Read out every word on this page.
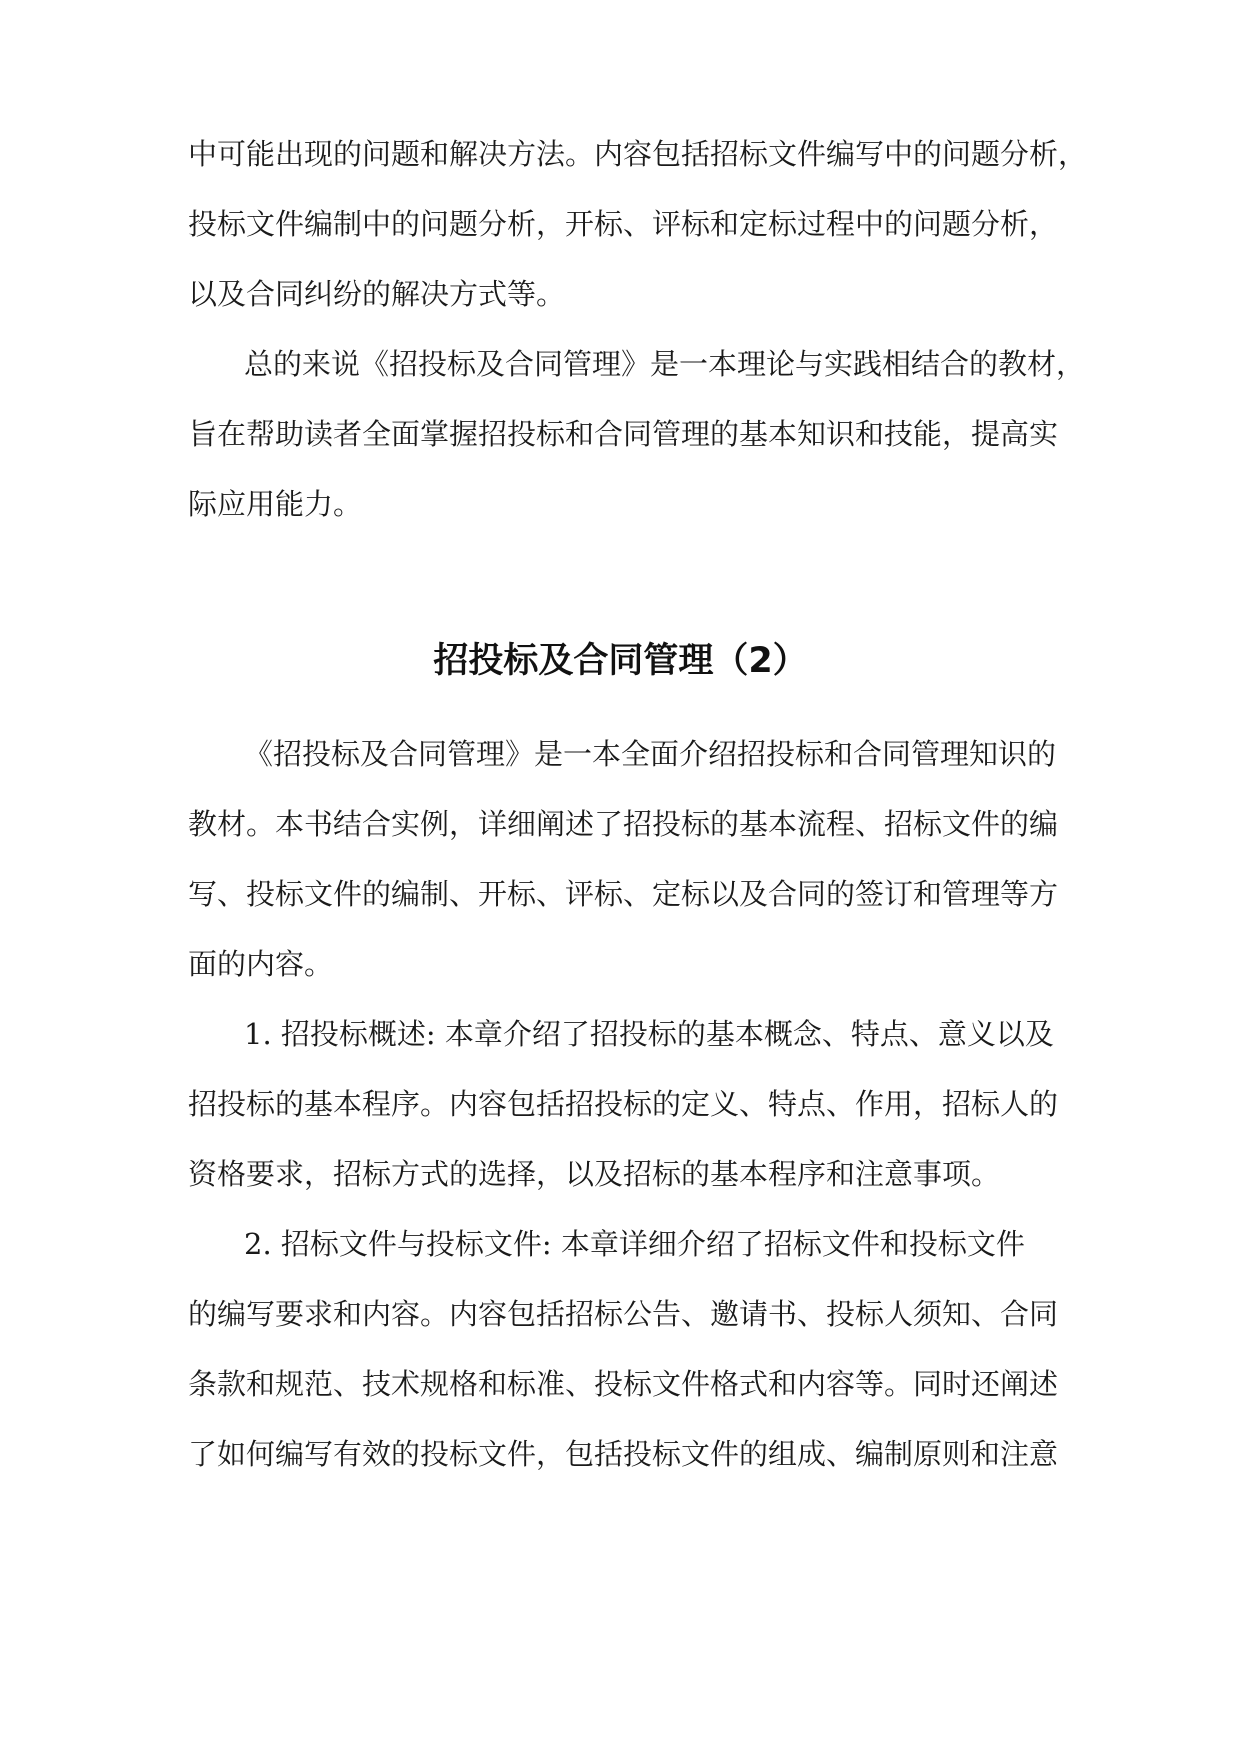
中可能出现的问题和解决方法。内容包括招标文件编写中的问题分析，
投标文件编制中的问题分析，开标、评标和定标过程中的问题分析，
以及合同纠纷的解决方式等。
总的来说《招投标及合同管理》是一本理论与实践相结合的教材，
旨在帮助读者全面掌握招投标和合同管理的基本知识和技能，提高实
际应用能力。
招投标及合同管理（2）
《招投标及合同管理》是一本全面介绍招投标和合同管理知识的
教材。本书结合实例，详细阐述了招投标的基本流程、招标文件的编
写、投标文件的编制、开标、评标、定标以及合同的签订和管理等方
面的内容。
1. 招投标概述: 本章介绍了招投标的基本概念、特点、意义以及
招投标的基本程序。内容包括招投标的定义、特点、作用，招标人的
资格要求，招标方式的选择，以及招标的基本程序和注意事项。
2. 招标文件与投标文件: 本章详细介绍了招标文件和投标文件
的编写要求和内容。内容包括招标公告、邀请书、投标人须知、合同
条款和规范、技术规格和标准、投标文件格式和内容等。同时还阐述
了如何编写有效的投标文件，包括投标文件的组成、编制原则和注意
